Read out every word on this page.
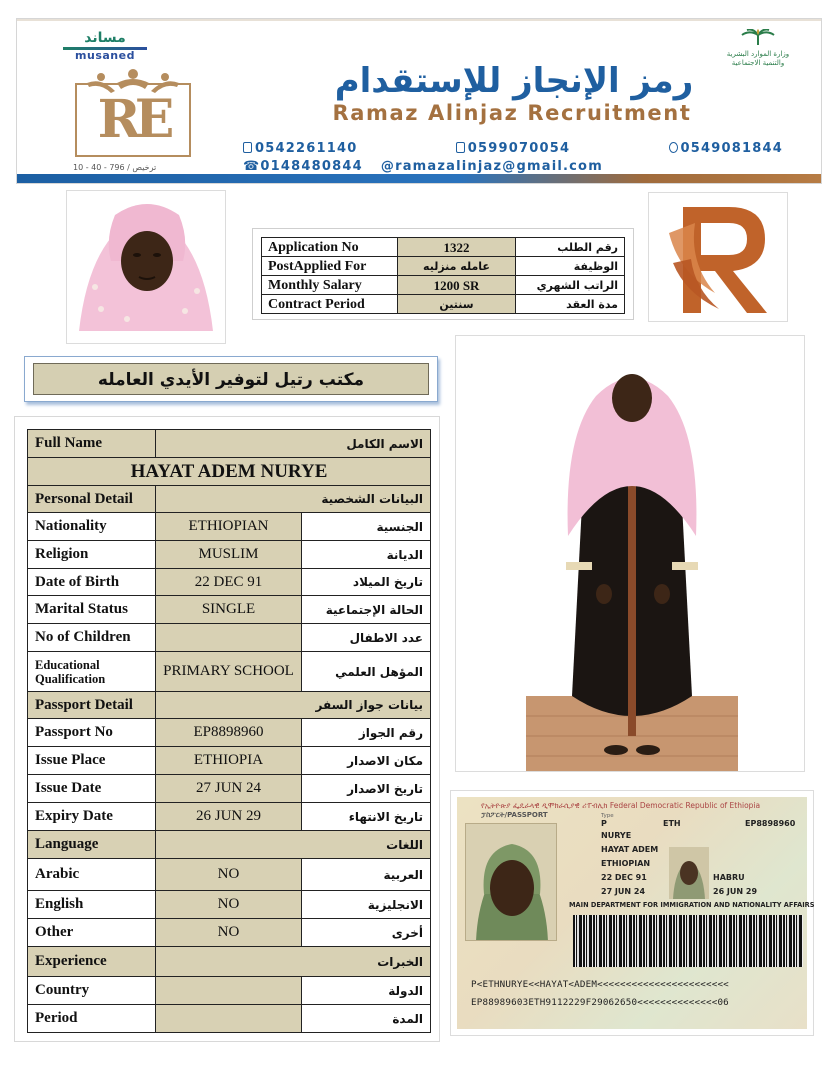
مساند
musaned	وزارة الموارد البشرية والتنمية الاجتماعية
RE
ترخيص / 796 - 40 - 10
رمز الإنجاز للإستقدام
Ramaz Alinjaz Recruitment
0542261140	0599070054	0549081844
☎0148480844 @ramazalinjaz@gmail.com
Application No	1322	رقم الطلب
PostApplied For	عامله منزليه	الوظيفة
Monthly Salary	1200 SR	الراتب الشهري
Contract Period	سنتين	مدة العقد
مكتب رتيل لتوفير الأيدي العامله
Full Name	الاسم الكامل	
HAYAT ADEM NURYE		
Personal Detail	البيانات الشخصية	
Nationality	ETHIOPIAN	الجنسية
Religion	MUSLIM	الديانة
Date of Birth	22 DEC 91	تاريخ الميلاد
Marital Status	SINGLE	الحالة الإجتماعية
No of Children		عدد الاطفال
Educational Qualification	PRIMARY SCHOOL	المؤهل العلمي
Passport Detail	بيانات جواز السفر	
Passport No	EP8898960	رقم الجواز
Issue Place	ETHIOPIA	مكان الاصدار
Issue Date	27 JUN 24	تاريخ الاصدار
Expiry Date	26 JUN 29	تاريخ الانتهاء
Language	اللغات	
Arabic	NO	العربية
English	NO	الانجليزية
Other	NO	أخرى
Experience	الخبرات	
Country		الدولة
Period		المدة
የኢትዮጵያ ፌዴራላዊ ዲሞክራሲያዊ ሪፐብሊክ Federal Democratic Republic of Ethiopia
ፓስፖርት/PASSPORT	Type
P	ETH	EP8898960
NURYE
HAYAT ADEM
ETHIOPIAN
22 DEC 91	HABRU
27 JUN 24	26 JUN 29
MAIN DEPARTMENT FOR IMMIGRATION AND NATIONALITY AFFAIRS
P<ETHNURYE<<HAYAT<ADEM<<<<<<<<<<<<<<<<<<<<<<<
EP88989603ETH9112229F29062650<<<<<<<<<<<<<<06
